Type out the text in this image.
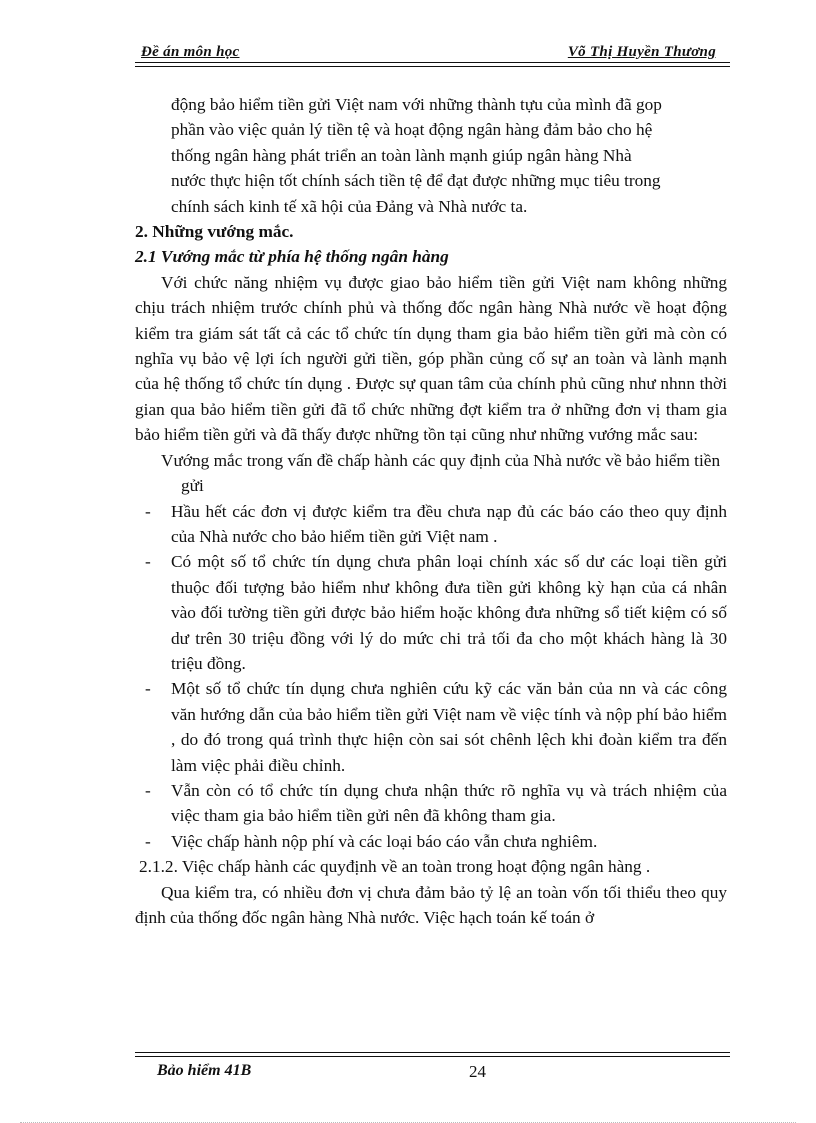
Đề án môn học	Võ Thị Huyền Thương
động bảo hiểm tiền gửi Việt nam với những thành tựu của mình đã gop
phần vào việc quản lý tiền tệ và hoạt động ngân hàng đảm bảo cho hệ
thống ngân hàng phát triển an toàn lành mạnh giúp ngân hàng Nhà
nước thực hiện tốt chính sách tiền tệ để đạt được những mục tiêu trong
chính sách kinh tế xã hội của Đảng và Nhà nước ta.
2. Những vướng mắc.
2.1 Vướng mắc từ phía hệ thống ngân hàng

Với chức năng nhiệm vụ được giao bảo hiểm tiền gửi Việt nam không những chịu trách nhiệm trước chính phủ và thống đốc ngân hàng Nhà nước về hoạt động kiểm tra giám sát tất cả các tổ chức tín dụng tham gia bảo hiểm tiền gửi mà còn có nghĩa vụ bảo vệ lợi ích người gửi tiền, góp phần củng cố sự an toàn và lành mạnh của hệ thống tổ chức tín dụng . Được sự quan tâm của chính phủ cũng như nhnn thời gian qua bảo hiểm tiền gửi đã tổ chức những đợt kiểm tra ở những đơn vị tham gia bảo hiểm tiền gửi và đã thấy được những tồn tại cũng như những vướng mắc sau:

Vướng mắc trong vấn đề chấp hành các quy định của Nhà nước về bảo hiểm tiền gửi

- Hầu hết các đơn vị được kiểm tra đều chưa nạp đủ các báo cáo theo quy định của Nhà nước cho bảo hiểm tiền gửi Việt nam .
- Có một số tổ chức tín dụng chưa phân loại chính xác số dư các loại tiền gửi thuộc đối tượng bảo hiểm như không đưa tiền gửi không kỳ hạn của cá nhân vào đối tường tiền gửi được bảo hiểm hoặc không đưa những sổ tiết kiệm có số dư trên 30 triệu đồng với lý do mức chi trả tối đa cho một khách hàng là 30 triệu đồng.
- Một số tổ chức tín dụng chưa nghiên cứu kỹ các văn bản của nn và các công văn hướng dẫn của bảo hiểm tiền gửi Việt nam về việc tính và nộp phí bảo hiểm , do đó trong quá trình thực hiện còn sai sót chênh lệch khi đoàn kiểm tra đến làm việc phải điều chỉnh.
- Vẫn còn có tổ chức tín dụng chưa nhận thức rõ nghĩa vụ và trách nhiệm của việc tham gia bảo hiểm tiền gửi nên đã không tham gia.
- Việc chấp hành nộp phí và các loại báo cáo vẫn chưa nghiêm.
2.1.2. Việc chấp hành các quyđịnh về an toàn trong hoạt động ngân hàng .

Qua kiểm tra, có nhiều đơn vị chưa đảm bảo tỷ lệ an toàn vốn tối thiểu theo quy định của thống đốc ngân hàng Nhà nước. Việc hạch toán kế toán ở

Bảo hiểm 41B	24
